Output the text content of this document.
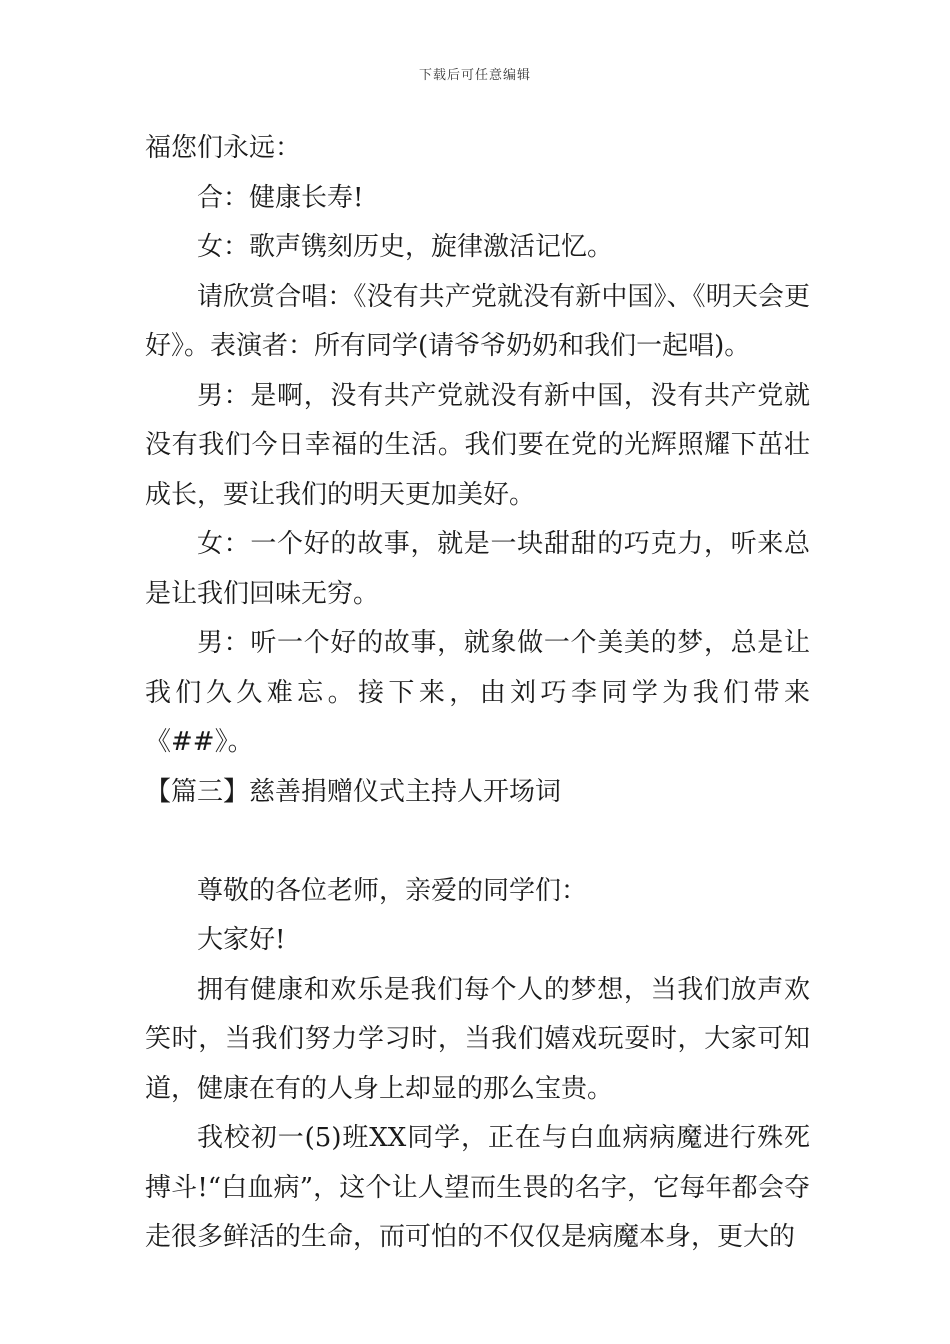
下载后可任意编辑

福您们永远：

合：健康长寿!

女：歌声镌刻历史，旋律激活记忆。

请欣赏合唱：《没有共产党就没有新中国》、《明天会更好》。表演者：所有同学(请爷爷奶奶和我们一起唱)。

男：是啊，没有共产党就没有新中国，没有共产党就没有我们今日幸福的生活。我们要在党的光辉照耀下茁壮成长，要让我们的明天更加美好。

女：一个好的故事，就是一块甜甜的巧克力，听来总是让我们回味无穷。

男：听一个好的故事，就象做一个美美的梦，总是让我们久久难忘。接下来，由刘巧李同学为我们带来《##》。

【篇三】慈善捐赠仪式主持人开场词

尊敬的各位老师，亲爱的同学们：

大家好!

拥有健康和欢乐是我们每个人的梦想，当我们放声欢笑时，当我们努力学习时，当我们嬉戏玩耍时，大家可知道，健康在有的人身上却显的那么宝贵。

我校初一(5)班XX同学，正在与白血病病魔进行殊死搏斗!“白血病”，这个让人望而生畏的名字，它每年都会夺走很多鲜活的生命，而可怕的不仅仅是病魔本身，更大的
